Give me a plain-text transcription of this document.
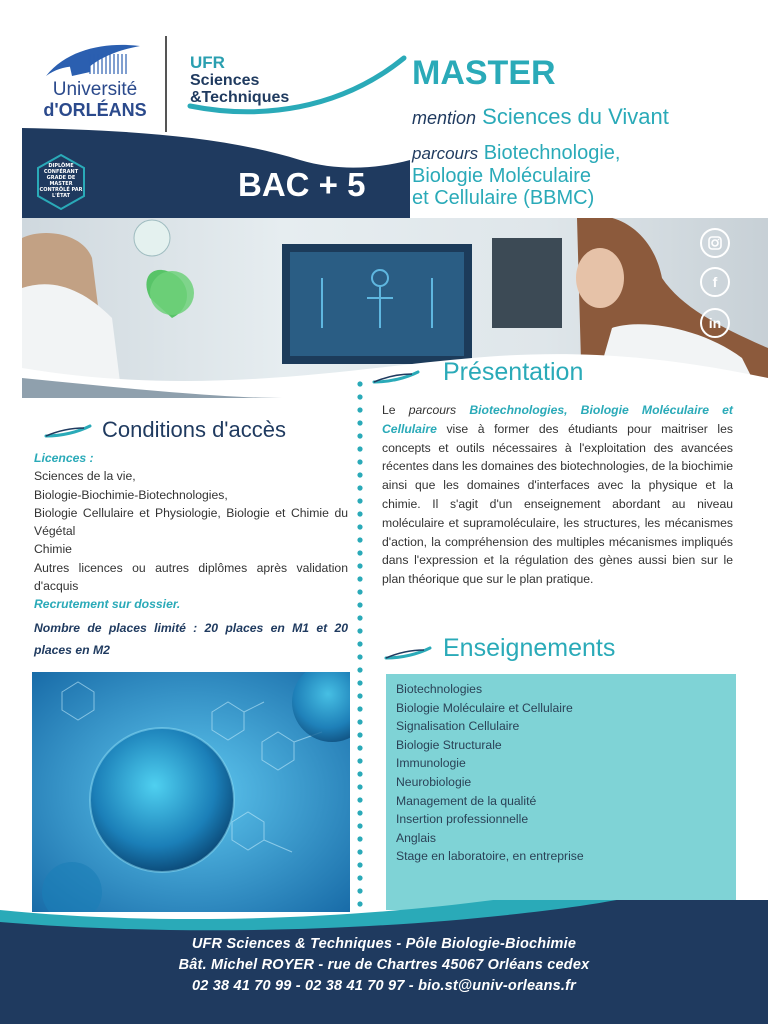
Université
d'ORLÉANS
UFR
Sciences
&Techniques
MASTER
mention Sciences du Vivant
parcours Biotechnologie,
Biologie Moléculaire
et Cellulaire (BBMC)
DIPLÔME CONFÉRANT GRADE DE MASTER CONTRÔLÉ PAR L'ÉTAT	BAC + 5
f
in
Présentation
Le parcours Biotechnologies, Biologie Moléculaire et Cellulaire vise à former des étudiants pour maitriser les concepts et outils nécessaires à l'exploitation des avancées récentes dans les domaines des biotechnologies, de la biochimie ainsi que les domaines d'interfaces avec la physique et la chimie. Il s'agit d'un enseignement abordant au niveau moléculaire et supramoléculaire, les structures, les mécanismes d'action, la compréhension des multiples mécanismes impliqués dans l'expression et la régulation des gènes aussi bien sur le plan théorique que sur le plan pratique.
Conditions d'accès
Licences :
Sciences de la vie,
Biologie-Biochimie-Biotechnologies,
Biologie Cellulaire et Physiologie, Biologie et Chimie du Végétal
Chimie
Autres licences ou autres diplômes après validation d'acquis
Recrutement sur dossier.
Nombre de places limité : 20 places en M1 et 20 places en M2	Enseignements
Biotechnologies
Biologie Moléculaire et Cellulaire
Signalisation Cellulaire
Biologie Structurale
Immunologie
Neurobiologie
Management de la qualité
Insertion professionnelle
Anglais
Stage en laboratoire, en entreprise
UFR Sciences & Techniques - Pôle Biologie-Biochimie
Bât. Michel ROYER - rue de Chartres 45067 Orléans cedex
02 38 41 70 99 - 02 38 41 70 97 - bio.st@univ-orleans.fr
